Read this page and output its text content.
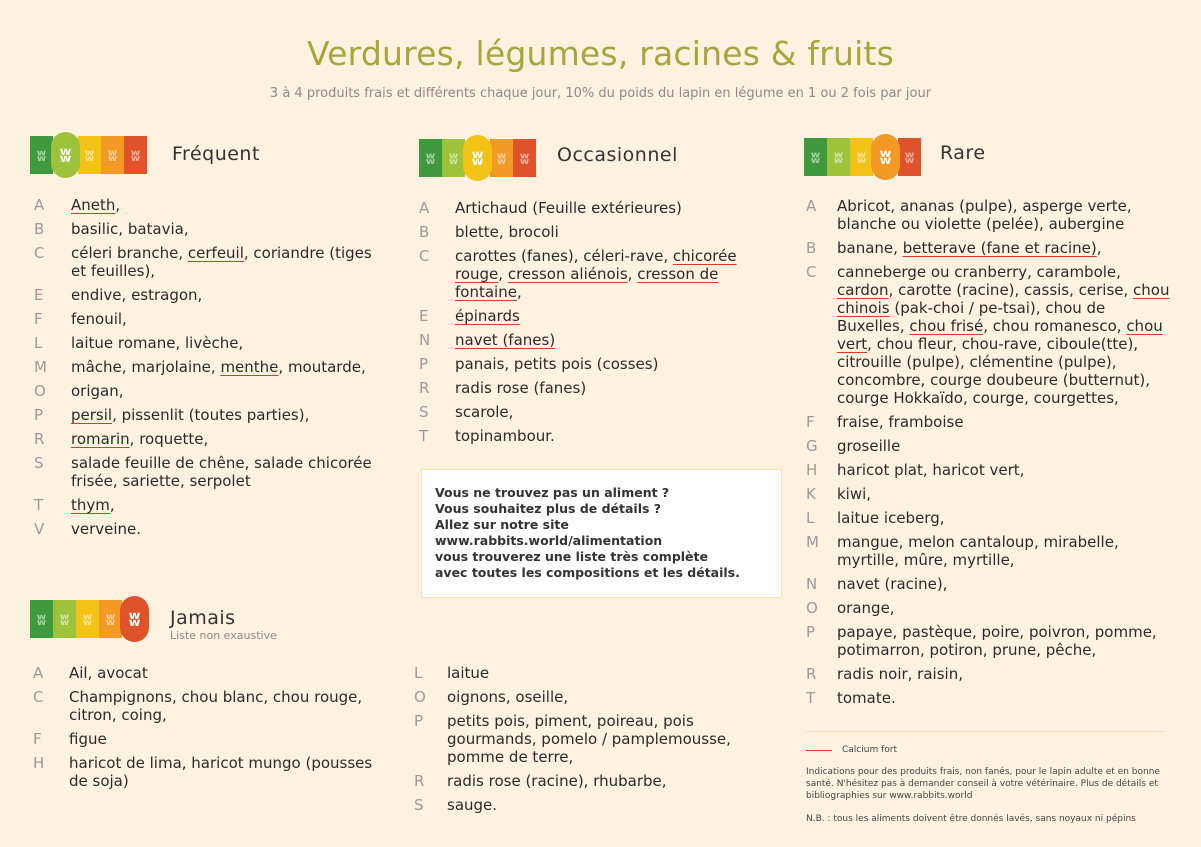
Verdures, légumes, racines & fruits
3 à 4 produits frais et différents chaque jour, 10% du poids du lapin en légume en 1 ou 2 fois par jour
ʬ ʬ ʬ ʬ ʬ Fréquent
A	Aneth,
B	basilic, batavia,
C	céleri branche, cerfeuil, coriandre (tiges et feuilles),
E	endive, estragon,
F	fenouil,
L	laitue romane, livèche,
M	mâche, marjolaine, menthe, moutarde,
O	origan,
P	persil, pissenlit (toutes parties),
R	romarin, roquette,
S	salade feuille de chêne, salade chicorée frisée, sariette, serpolet
T	thym,
V	verveine.
ʬ ʬ ʬ ʬ ʬ Occasionnel
A	Artichaud (Feuille extérieures)
B	blette, brocoli
C	carottes (fanes), céleri-rave, chicorée rouge, cresson aliénois, cresson de fontaine,
E	épinards
N	navet (fanes)
P	panais, petits pois (cosses)
R	radis rose (fanes)
S	scarole,
T	topinambour.
ʬ ʬ ʬ ʬ ʬ Rare
A	Abricot, ananas (pulpe), asperge verte, blanche ou violette (pelée), aubergine
B	banane, betterave (fane et racine),
C	canneberge ou cranberry, carambole, cardon, carotte (racine), cassis, cerise, chou chinois (pak-choi / pe-tsai), chou de Buxelles, chou frisé, chou romanesco, chou vert, chou fleur, chou-rave, ciboule(tte), citrouille (pulpe), clémentine (pulpe), concombre, courge doubeure (butternut), courge Hokkaïdo, courge, courgettes,
F	fraise, framboise
G	groseille
H	haricot plat, haricot vert,
K	kiwi,
L	laitue iceberg,
M	mangue, melon cantaloup, mirabelle, myrtille, mûre, myrtille,
N	navet (racine),
O	orange,
P	papaye, pastèque, poire, poivron, pomme, potimarron, potiron, prune, pêche,
R	radis noir, raisin,
T	tomate.
Vous ne trouvez pas un aliment ?
Vous souhaitez plus de détails ?
Allez sur notre site
www.rabbits.world/alimentation
vous trouverez une liste très complète
avec toutes les compositions et les détails.
ʬ ʬ ʬ ʬ ʬ Jamais
Liste non exaustive
A	Ail, avocat
C	Champignons, chou blanc, chou rouge, citron, coing,
F	figue
H	haricot de lima, haricot mungo (pousses de soja)
L	laitue
O	oignons, oseille,
P	petits pois, piment, poireau, pois gourmands, pomelo / pamplemousse, pomme de terre,
R	radis rose (racine), rhubarbe,
S	sauge.
Calcium fort
Indications pour des produits frais, non fanés, pour le lapin adulte et en bonne santé. N'hésitez pas à demander conseil à votre vétérinaire. Plus de détails et bibliographies sur www.rabbits.world
N.B. : tous les aliments doivent être donnés lavés, sans noyaux ni pépins
